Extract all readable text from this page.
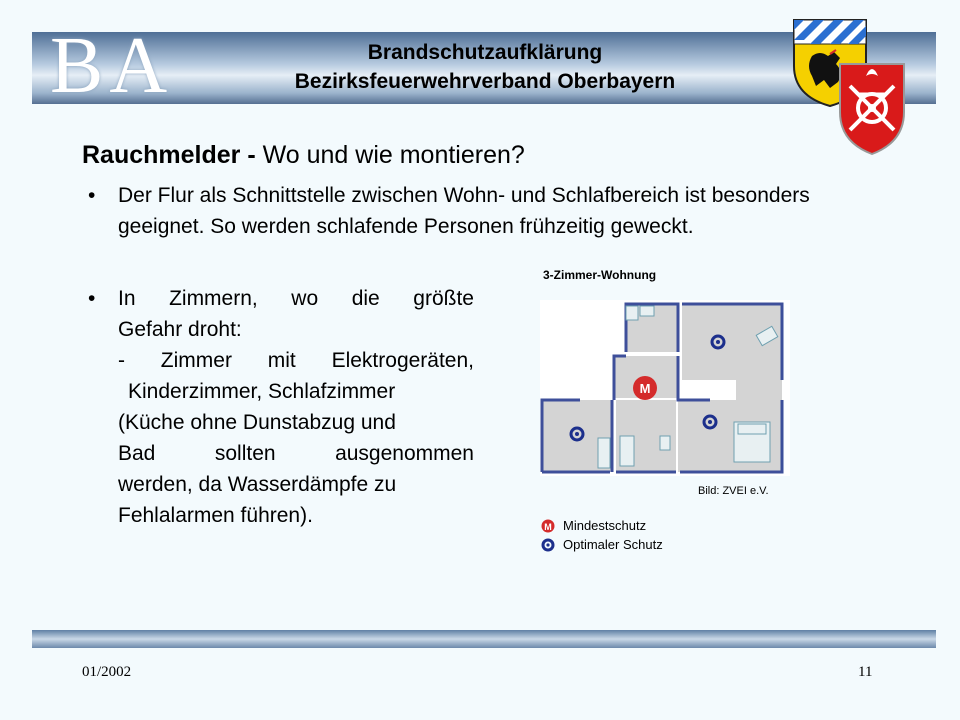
BA	Brandschutzaufklärung
Bezirksfeuerwehrverband Oberbayern
Rauchmelder - Wo und wie montieren?
• Der Flur als Schnittstelle zwischen Wohn- und Schlafbereich ist besonders geeignet. So werden schlafende Personen frühzeitig geweckt.
• In Zimmern, wo die größte
Gefahr droht:
- Zimmer mit Elektrogeräten,
Kinderzimmer, Schlafzimmer
(Küche ohne Dunstabzug und
Bad sollten ausgenommen
werden, da Wasserdämpfe zu
Fehlalarmen führen).
3-Zimmer-Wohnung
M
Bild: ZVEI e.V.
M Mindestschutz
Optimaler Schutz
01/2002	11
